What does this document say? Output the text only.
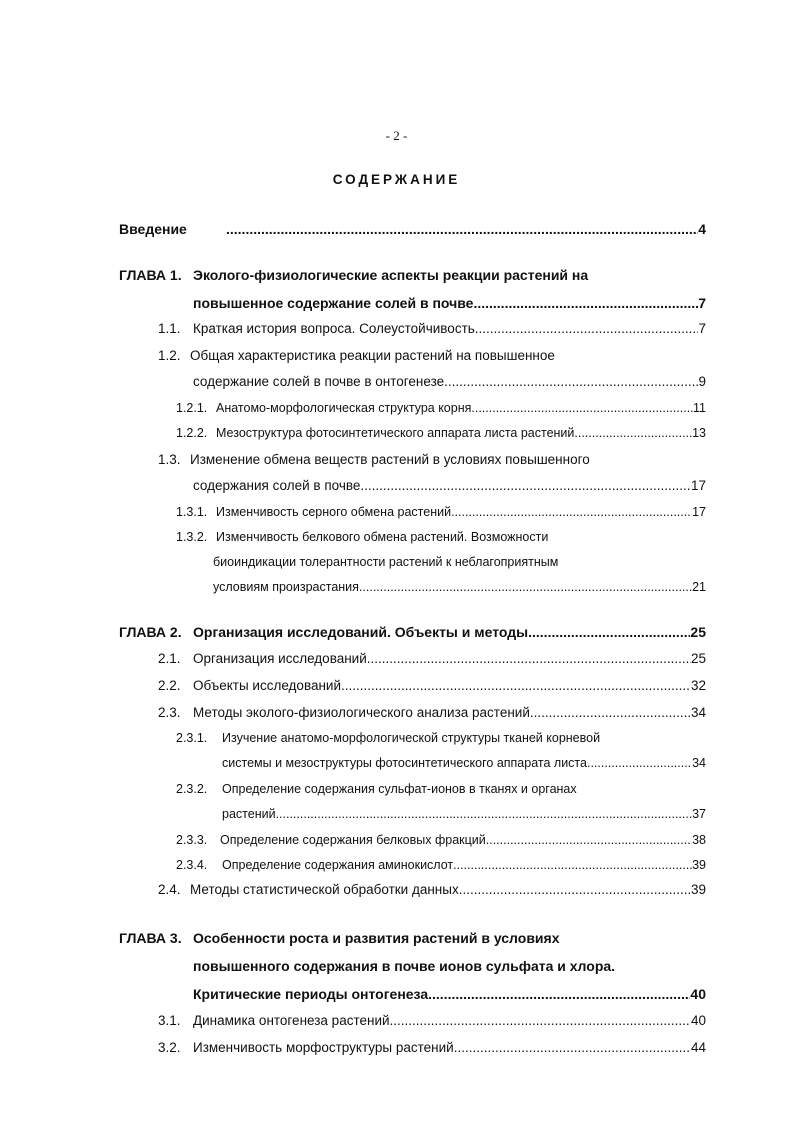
- 2 -
СОДЕРЖАНИЕ
Введение .....	4
ГЛАВА 1. Эколого-физиологические аспекты реакции растений на
повышенное содержание солей в почве .....	7
1.1. Краткая история вопроса. Солеустойчивость .....	7
1.2. Общая характеристика реакции растений на повышенное
содержание солей в почве в онтогенезе .....	9
1.2.1. Анатомо-морфологическая структура корня .....	11
1.2.2. Мезоструктура фотосинтетического аппарата листа растений .....	13
1.3. Изменение обмена веществ растений в условиях повышенного
содержания солей в почве .....	17
1.3.1. Изменчивость серного обмена растений .....	17
1.3.2. Изменчивость белкового обмена растений. Возможности
биоиндикации толерантности растений к неблагоприятным
условиям произрастания .....	21
ГЛАВА 2. Организация исследований. Объекты и методы .....	25
2.1. Организация исследований .....	25
2.2. Объекты исследований .....	32
2.3. Методы эколого-физиологического анализа растений .....	34
2.3.1. Изучение анатомо-морфологической структуры тканей корневой
системы и мезоструктуры фотосинтетического аппарата листа .....	34
2.3.2. Определение содержания сульфат-ионов в тканях и органах
растений .....	37
2.3.3. Определение содержания белковых фракций .....	38
2.3.4. Определение содержания аминокислот .....	39
2.4. Методы статистической обработки данных .....	39
ГЛАВА 3. Особенности роста и развития растений в условиях
повышенного содержания в почве ионов сульфата и хлора.
Критические периоды онтогенеза .....	40
3.1. Динамика онтогенеза растений .....	40
3.2. Изменчивость морфоструктуры растений .....	44
